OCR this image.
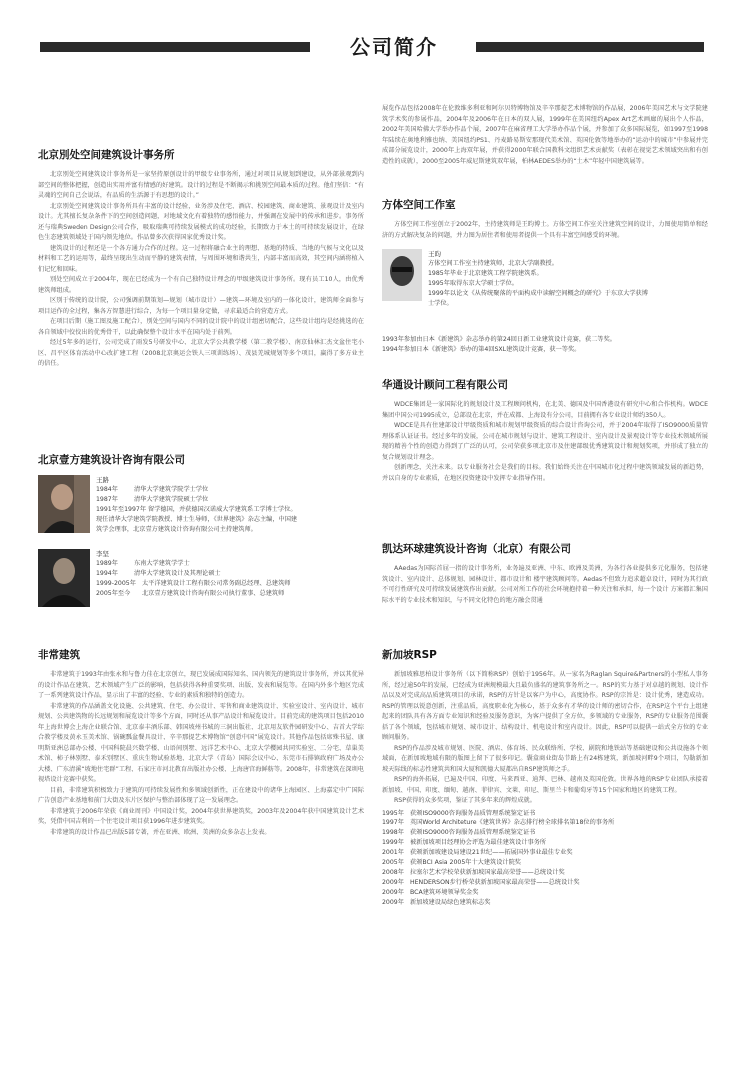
公司简介
北京別处空间建筑设计事务所

北京別处空间建筑设计事务所是一家坚持原创设计的甲级专业事务所，通过对项目从规划到建设，从外部景观到内部空间的整体把握，创造出实用并富有情感的好建筑。设计的过程是不断揭示和挑别空间最本质的过程。他们坚信：“有灵魂的空间自己会说话，有品质的生活源于有思想的设计。”

北京別处空间建筑设计事务所具有丰富的设计经验，业务涉及住宅、酒店、校园建筑、商业建筑、景观设计及室内设计。尤其擅长复杂条件下的空间创造问题，对地域文化有着独特的感悟能力，并强调在发展中的传承和进步。事务所还与瑞典Sweden Design公司合作，吸取瑞典可持续发展模式的成功经验，长期致力于本土的可持续发展设计，在绿色生态建筑领域处于国内领先地位。作品曾多次获得国家优秀设计奖。

建筑设计的过程还是一个各方通力合作的过程。这一过程将融合业主的理想、基地的特质、当地的气候与文化以及材料和工艺的运用等，最终呈现出生动而平静的建筑表情，与周围环境和谐共生，内部丰富而高效，其空间内涵将植入们记忆和回味。

別处空间成立于2004年，现在已经成为一个有自己独特设计理念的甲级建筑设计事务所。现有员工10人，由优秀建筑师组成。

区别于传统的设计院，公司强调前期策划—规划（城市设计）—建筑—环境及室内的一体化设计，建筑师全面参与项目运作的全过程，集各方智慧进行综合，为每一个项目量身定做，寻求最适合的营造方式。

在项目后期（施工图及施工配合），別处空间与国内不同的设计院中的设计组密切配合，这些设计组均是经挑选的在各自领域中佼佼出的优秀骨干，以此确保整个设计水平在国内处于前列。

经过5年多的运行，公司完成了雨发5号研发中心、北京大学公共教学楼（第二教学楼）、南京仙林汇杰文盆住宅小区、昌平区体育活动中心改扩建工程（2008北京奥运会铁人三项训练场）、茂县羌城规划等多个项目，赢得了多方业主的信任。

北京壹方建筑设计咨询有限公司
王路
1984年	清华大学建筑学院学士学位
1987年	清华大学建筑学院硕士学位
1991年至1997年 留学德国，并获德国汉诺威大学建筑系工学博士学位。
现任清华大学建筑学院教授、博士生导师，《世界建筑》杂志主编，中国建
筑学会理事，北京壹方建筑设计咨询有限公司主持建筑师。
李坚
1989年	东南大学建筑学学士
1994年	清华大学建筑设计及其理论硕士
1999-2005年 太平洋建筑设计工程有限公司常务副总经理、总建筑师
2005年至今 北京壹方建筑设计咨询有限公司执行董事、总建筑师
非常建筑

非常建筑于1993年由张永和与鲁力佳在北京创立，现已发展成国际知名、国内领先的建筑设计事务所，并以其优异的设计作品在建筑、艺术领域产生广泛的影响，包括获得各种重要奖项、出版、发表和展览等。在国内外多个地区完成了一系列建筑设计作品，显示出了丰富的经验、专业的素质和独特的创造力。

非常建筑的作品涵盖文化设施、公共建筑、住宅、办公设计、零售和商业建筑设计、实验室设计、室内设计、城市规划、公共建筑物的长远规划和展览设计等多个方面，同时还从事产品设计和展览设计。目前完成的建筑项目包括2010年上海世博会上海企业联合馆、北京泰丰酒乐部、韩国坡州书城的三洞出版社、北京用友软件园研发中心、吉首大学综合教学楼及黄永玉美术馆、锅碗瓢盆餐具设计、辛辛那提艺术博物馆“创意中国”展览设计。其他作品包括席殊书屋、康明斯亚洲总部办公楼、中国科院晨兴数学楼、山语间别墅、远洋艺术中心、北京大学樱园共同实验室、二分宅、草巢美术馆、柿子林别墅、泰禾别墅区、重庆生物试验基地、北京大学（青岛）国际会议中心、东莞市石排镇政府广场及办公大楼、广东清溪“坡地住宅群”工程、石家庄市河北教育出版社办公楼、上海唐宫海鲜舫等。2008年，非常建筑在深圳电视塔设计竞赛中获奖。

目前，非常建筑积极致力于建筑的可持续发展性和多领域创新性，正在建设中的诸华上海园区、上海嘉定中广国际广告创意产业基地和前门大街及东片区保护与整治部体现了这一发展理念。

非常建筑于2006年荣获《商业周刊》中国设计奖，2004年获世界建筑奖，2003年及2004年获中国建筑设计艺术奖，凭借中国吉利的一个住宅设计项目获1996年进步建筑奖。

非常建筑的设计作品已出版5部专著，并在亚洲、欧洲、美洲的众多杂志上发表。

展览作品包括2008年在伦敦维多利亚和阿尔贝特博物馆及辛辛那提艺术博物馆的作品展，2006年美国艺术与文学院建筑学术奖的参展作品，2004年及2006年在日本的双人展，1999年在美国纽约Apex Art艺术画廊的展出个人作品，2002年美国哈佛大学举办作品个展，2007年在麻省理工大学举办作品个展，并参加了众多国际展览，如1997至1998年陆续在奥地利雅也纳、美国纽约PS1、丹麦路易斯安那现代美术馆、英国伦敦等地举办的“运动中的城市”中参展并完成部分展览设计，2000年上海双年展，并获得2000年联合国教科文组织艺术贡献奖（表彰在视觉艺术领域突出和有创造性的成就），2000至2005年威尼斯建筑双年展，柏林AEDES举办的“土木”年轻中国建筑展等。

方体空间工作室

方体空间工作室创立于2002年，主持建筑师是王昀博士。方体空间工作室关注建筑空间的设计，力图使用简单和经济的方式解决复杂的问题，并力图为居住者和使用者提供一个具有丰富空间感受的环境。

王昀
方体空间工作室主持建筑师，北京大学副教授。
1985年毕业于北京建筑工程学院建筑系。
1995年取得东京大学硕士学位。
1999年以论文《从传统聚落的平面构成中读解空间概念的研究》于东京大学获博
士学位。
1993年参加由日本《新建筑》杂志举办的第24回日新工业建筑设计竞赛，获二等奖。
1994年参加日本《新建筑》举办的第4回SXL建筑设计竞赛，获一等奖。
华通设计顾问工程有限公司

WDCE集团是一家国际化的规划设计及工程顾问机构，在北美、德国及中国香港设有研究中心和合作机构。WDCE集团中国公司1995成立，总部设在北京，并在成都、上海设有分公司，目前拥有各专业设计师约350人。

WDCE是具有住建部设计甲级资质和城市规划甲级资质的综合设计咨询公司，并于2004年取得了ISO9000质量管理体系认证证书。经过多年的发展，公司在城市规划与设计、建筑工程设计、室内设计及景观设计等专业技术领域所展现的精善个性的创造力得到了广泛的认可，公司荣获多项北京市及住建部级优秀建筑设计和规划奖项，并形成了独立的复合规划设计理念。

创新理念，关注未来。以专业服务社会是我们的目标。我们始终关注在中国城市化过程中建筑领域发展的新趋势，并以自身的专业素质，在地区投资建设中发挥专业指导作用。

凯达环球建筑设计咨询（北京）有限公司

AAedas为国际首屈一指的设计事务所，业务遍及亚洲、中东、欧洲及美洲，为各行各业提供多元化服务，包括建筑设计、室内设计、总体规划、园林设计、都市设计和 楼宇建筑顾问等。Aedas不但致力追求超卓设计，同时为其行政不可行性研究及可持续发展建筑作出贡献。公司对所工作的社会环境抱持着一种关注和承担，每一个设计 方案都汇集国际水平的专业技术和知识，与不同文化特色的地方融会贯通

新加坡RSP

新加坡雅思柏设计事务所（以下简称RSP）创始于1956年。从一家名为Raglan Squire&Partners的小型私人事务所，经过逾50年的发展，已经成为亚洲规模最大且最负盛名的建筑事务所之一。RSP的实力基于对卓越的规划、设计作品以及对完成高品质建筑项目的承诺，RSP的方针是以客户为中心，高度协作。RSP的宗旨是：设计优秀，建造成功。RSP的管理以锐意创新，注重品质，高度职业化为核心，基于众多有才华的设计师的密切合作，在RSP这个平台上组建起来的团队具有各方面专业知识和经验及服务意识，为客户提供了全方位，多领域的专业服务，RSP的专业服务范围囊括了各个领域，包括城市规划、城市设计、结构设计、机电设计和室内设计。因此，RSP可以提供一站式全方位的专业顾问服务。

RSP的作品涉及城市规划、医院、酒店、体育场、民众联络所、学校、剧院和地铁站等基础建设和公共设施各个领域面，在新加坡地域有限的版图上留下了很多印记。囊盒商业街岛节路上有24栋建筑，新加坡河畔9个项目，勾勒新加坡天际线的标志性建筑共和国大厦和凯德大厦都出自RSP建筑师之手。

RSP的海外拓展，已遍及中国、印度、马来西亚、迪拜、巴林、越南及英国伦敦。世界各地的RSP专业团队承接着新加坡、中国、印度、缅甸、越南、菲律宾、文莱、印尼、斯里兰卡和葡萄牙等15个国家和地区的建筑工程。

RSP获得的众多奖项，鉴证了其多年来的辉煌成就。

1995年 获颁ISO9000咨询服务品质管理系统鉴定证书
1997年 英国World Architeture《建筑世界》杂志排行榜全球排名第18位的事务所
1998年 获颁ISO9000咨询服务品质管理系统鉴定证书
1999年 被新加坡项目经理协会评选为最佳建筑设计事务所
2001年 获颁新加坡建设局建设21世纪——拓展国外事业最佳专业奖
2005年 获颁BCI Asia 2005年十大建筑设计院奖
2008年 拉塞尔艺术学校荣获新加坡国家最高荣誉——总统设计奖
2009年 HENDERSON步行桥荣获新加坡国家最高荣誉——总统设计奖
2009年 BCA建筑环境领导奖金奖
2009年 新加坡建设局绿色建筑标志奖
